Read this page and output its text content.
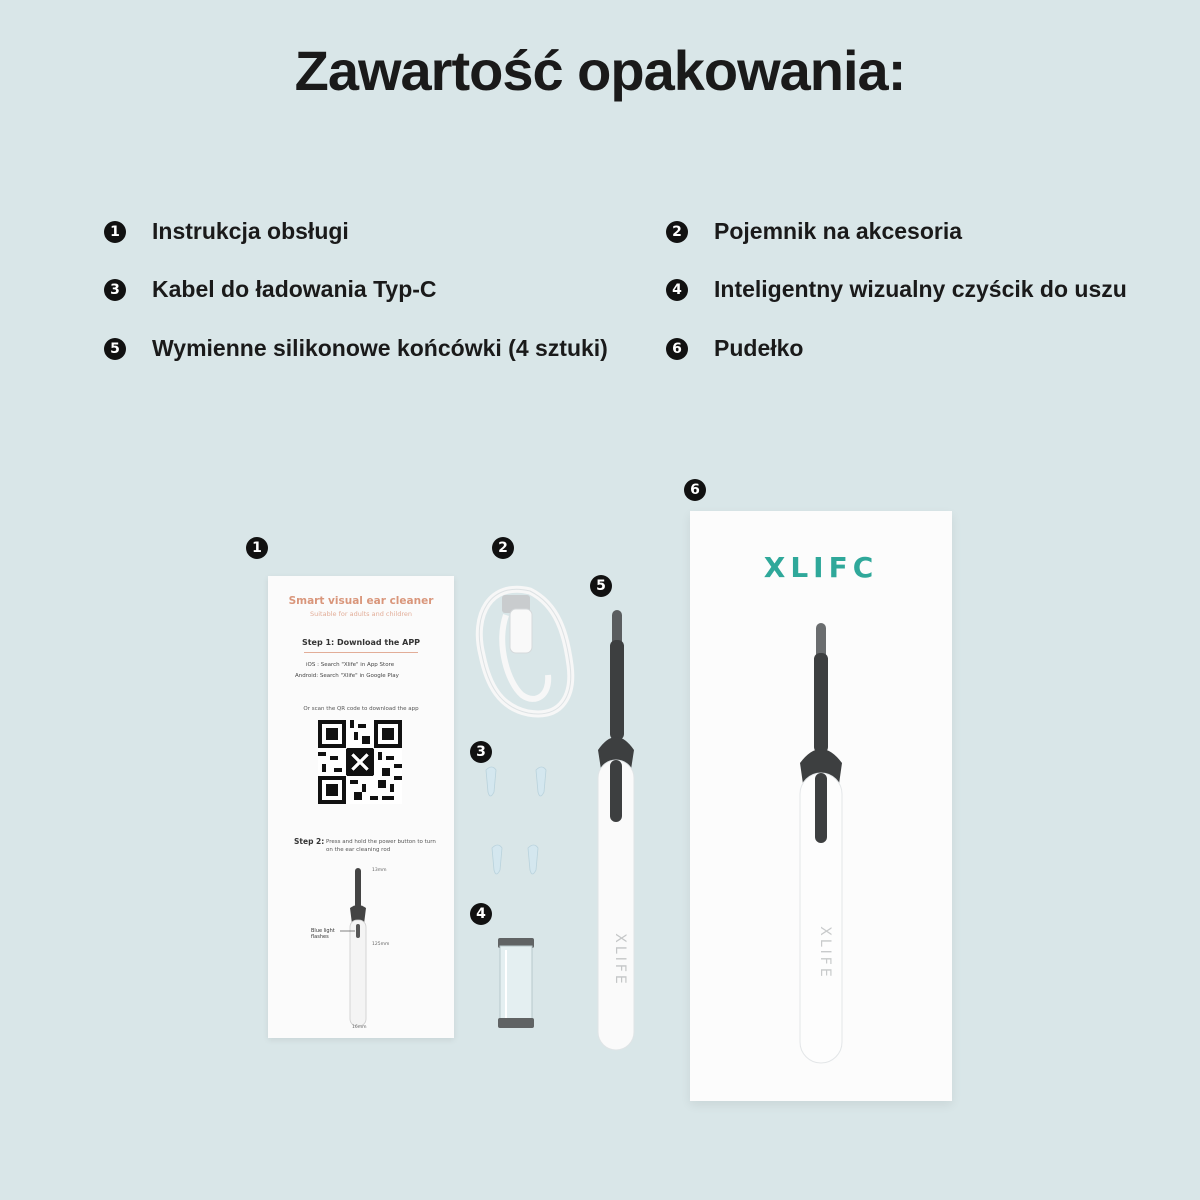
Zawartość opakowania:
1 Instrukcja obsługi	2 Pojemnik na akcesoria
3 Kabel do ładowania Typ-C	4 Inteligentny wizualny czyścik do uszu
5 Wymienne silikonowe końcówki (4 sztuki)	6 Pudełko
1	2
3
4
5
6
Smart visual ear cleaner
Suitable for adults and children
Step 1: Download the APP
iOS : Search "Xlife" in App Store
Android: Search "Xlife" in Google Play
Or scan the QR code to download the app
Step 2: Press and hold the power button to turn on the ear cleaning rod
13mm
125mm
16mm
Blue light flashes	XLIFE
XLIFC
XLIFE
